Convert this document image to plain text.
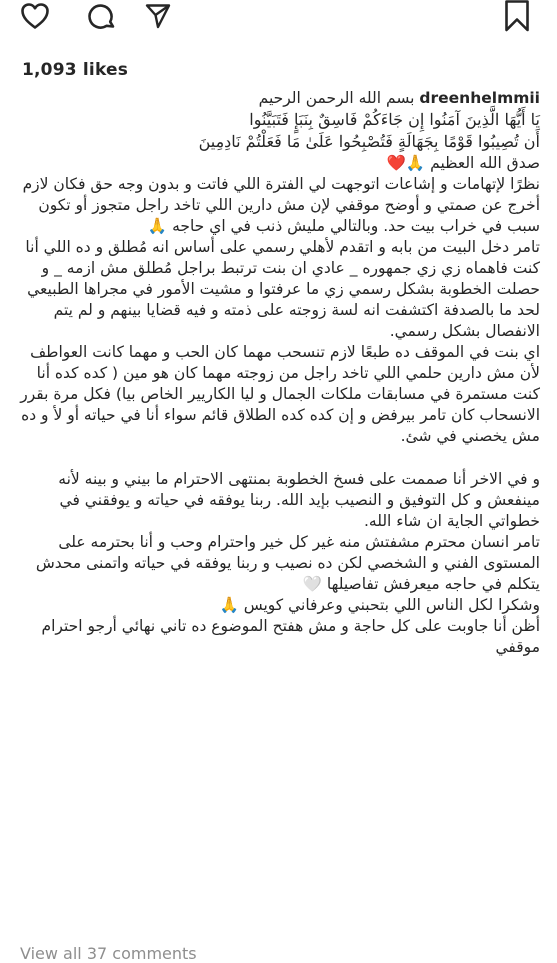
1,093 likes

dreenhelmmii بسم الله الرحمن الرحيم

يَا أَيُّهَا الَّذِينَ آمَنُوا إِن جَاءَكُمْ فَاسِقٌ بِنَبَإٍ فَتَبَيَّنُوا

أَن تُصِيبُوا قَوْمًا بِجَهَالَةٍ فَتُصْبِحُوا عَلَىٰ مَا فَعَلْتُمْ نَادِمِينَ

صدق الله العظيم 🙏❤️

نظرًا لإتهامات و إشاعات اتوجهت لي الفترة اللي فاتت و بدون وجه حق فكان لازم أخرج عن صمتي و أوضح موقفي لإن مش دارين اللي تاخد راجل متجوز أو تكون سبب في خراب بيت حد. وبالتالي مليش ذنب في اي حاجه 🙏

تامر دخل البيت من بابه و اتقدم لأهلي رسمي على أساس انه مُطلق و ده اللي أنا كنت فاهماه زي زي جمهوره _ عادي ان بنت ترتبط براجل مُطلق مش ازمه _ و حصلت الخطوبة بشكل رسمي زي ما عرفتوا و مشيت الأمور في مجراها الطبيعي لحد ما بالصدفة اكتشفت انه لسة زوجته على ذمته و فيه قضايا بينهم و لم يتم الانفصال بشكل رسمي.

اي بنت في الموقف ده طبعًا لازم تنسحب مهما كان الحب و مهما كانت العواطف لأن مش دارين حلمي اللي تاخد راجل من زوجته مهما كان هو مين ( كده كده أنا كنت مستمرة في مسابقات ملكات الجمال و ليا الكاريير الخاص بيا) فكل مرة بقرر الانسحاب كان تامر بيرفض و إن كده كده الطلاق قائم سواء أنا في حياته أو لأ و ده مش يخصني في شئ.

و في الاخر أنا صممت على فسخ الخطوبة بمنتهى الاحترام ما بيني و بينه لأنه مينفعش و كل التوفيق و النصيب بإيد الله. ربنا يوفقه في حياته و يوفقني في خطواتي الجاية ان شاء الله.

تامر انسان محترم مشفتش منه غير كل خير واحترام وحب و أنا بحترمه على المستوى الفني و الشخصي لكن ده نصيب و ربنا يوفقه في حياته واتمنى محدش يتكلم في حاجه ميعرفش تفاصيلها 🤍

وشكرا لكل الناس اللي بتحبني وعرفاني كويس 🙏

أظن أنا جاوبت على كل حاجة و مش هفتح الموضوع ده تاني نهائي أرجو احترام موقفي

View all 37 comments
